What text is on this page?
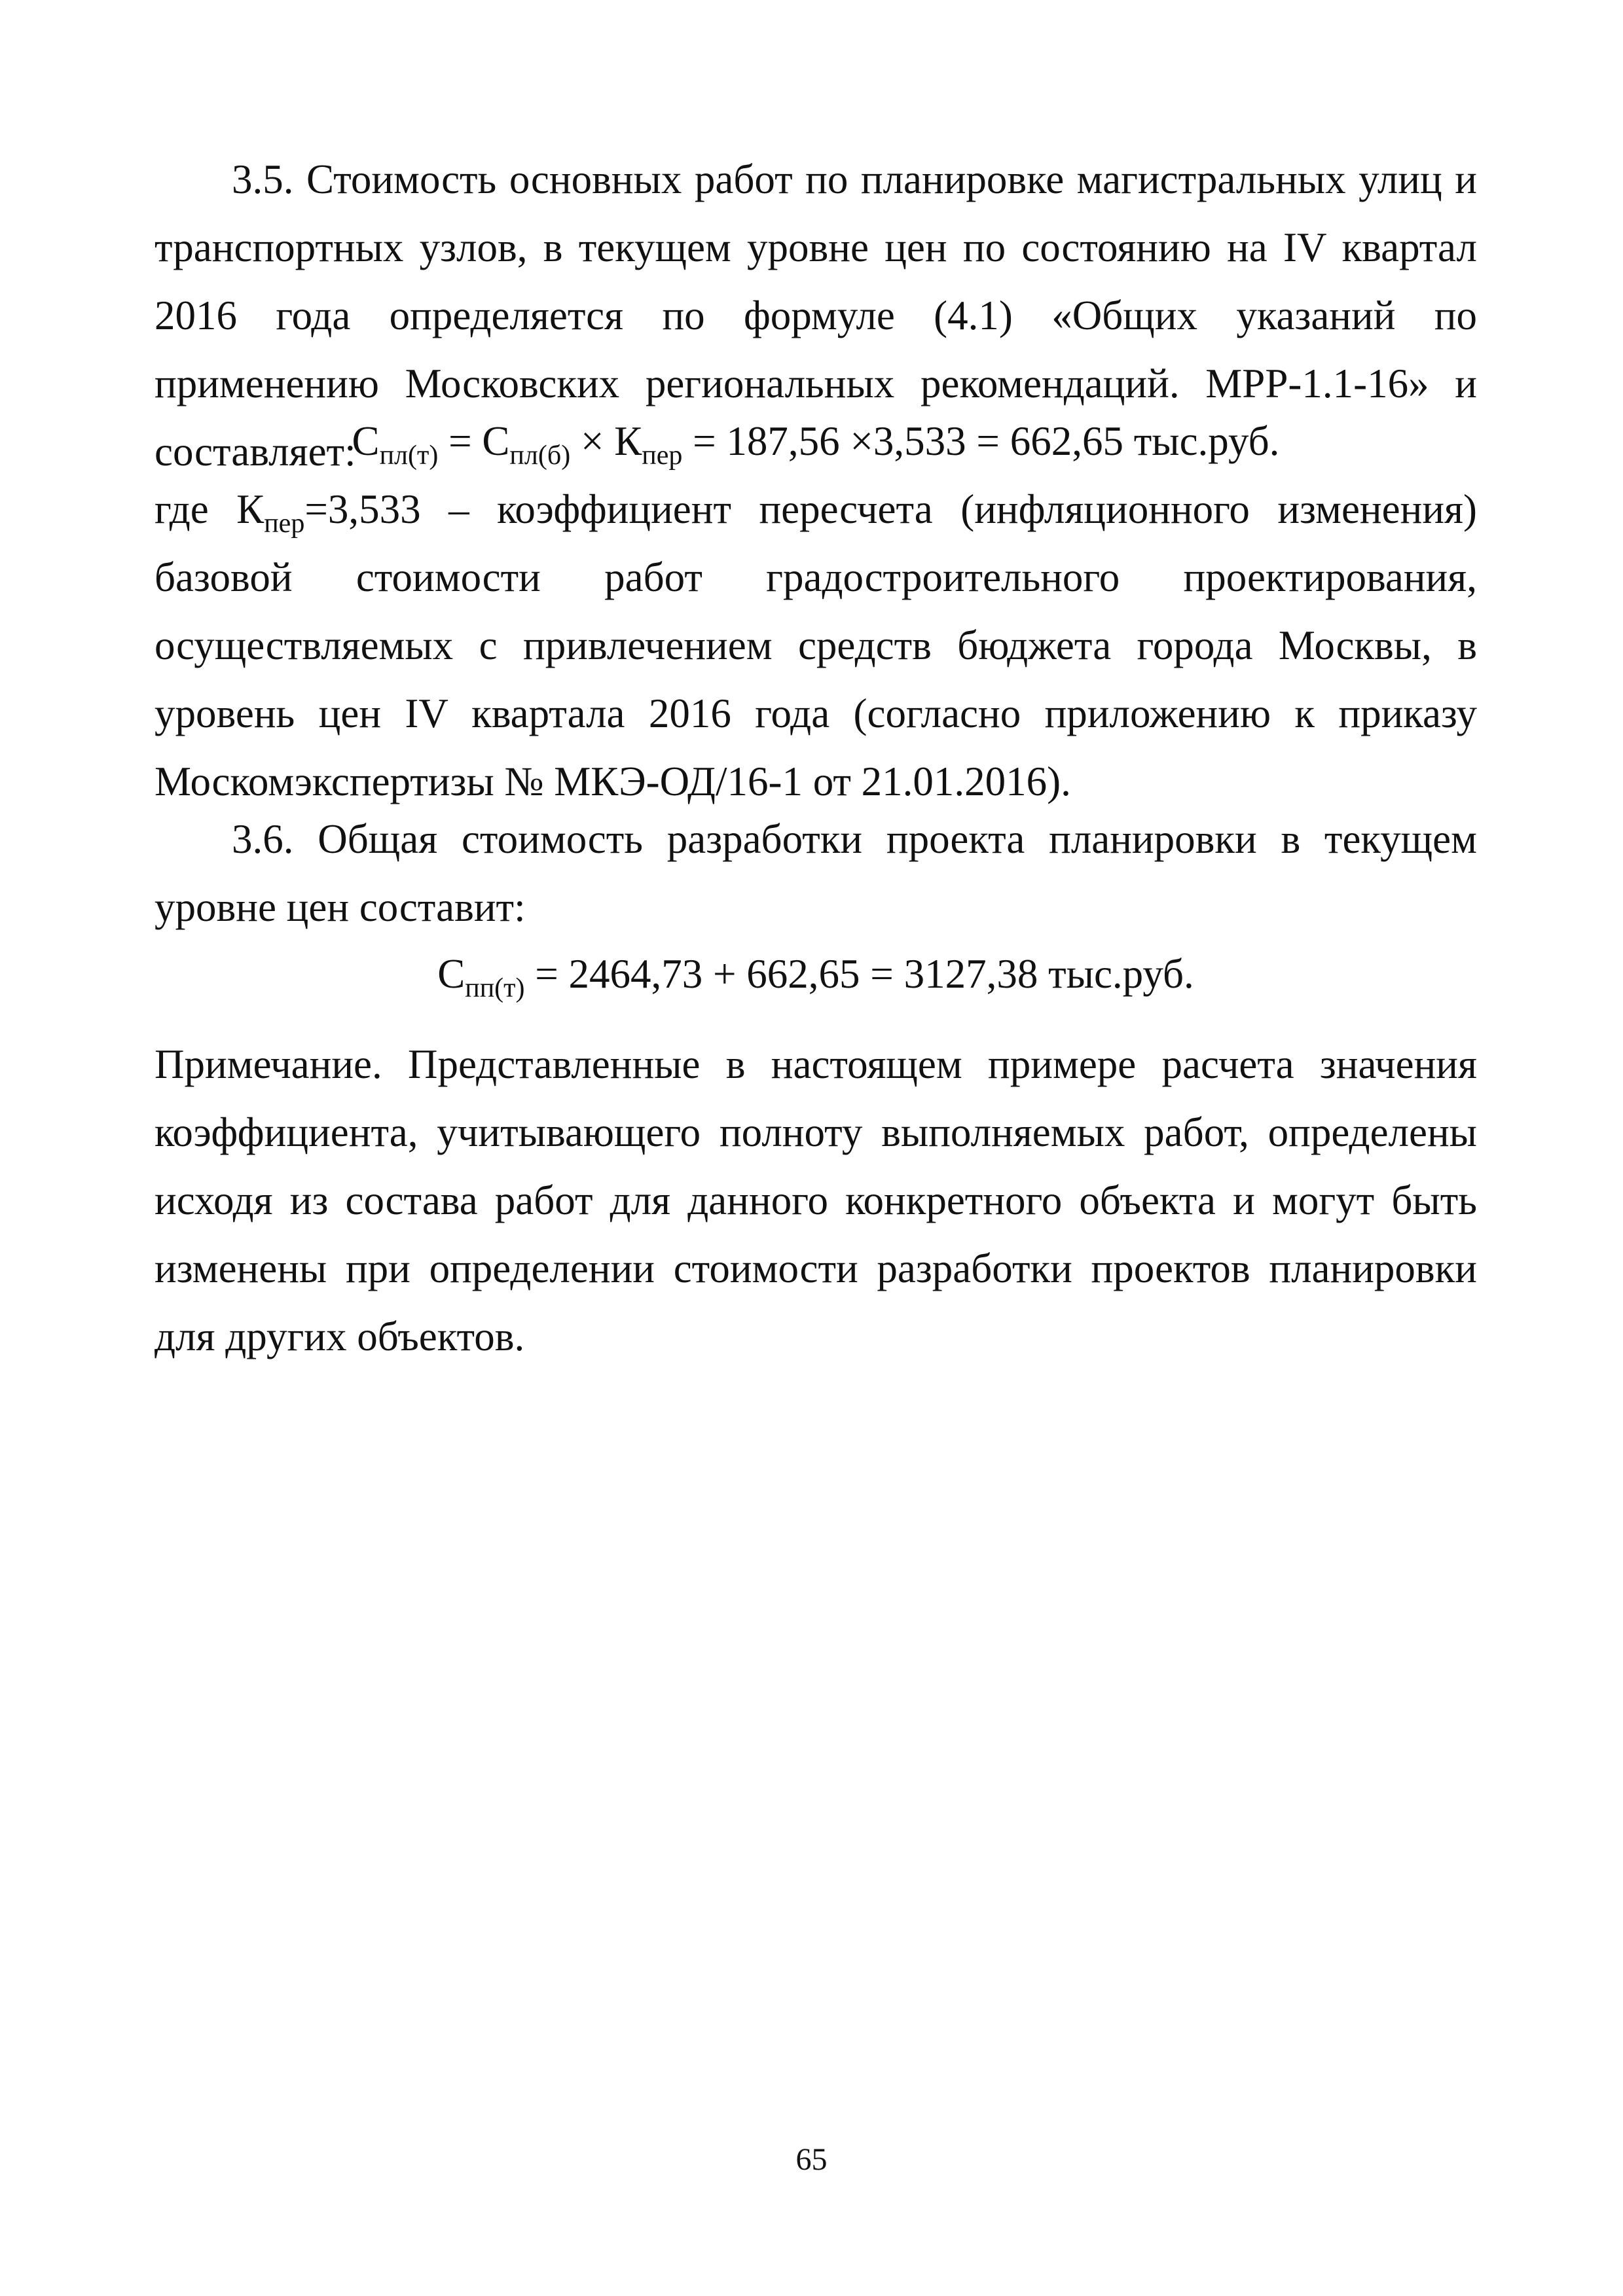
3.5. Стоимость основных работ по планировке магистральных улиц и транспортных узлов, в текущем уровне цен по состоянию на IV квартал 2016 года определяется по формуле (4.1) «Общих указаний по применению Московских региональных рекомендаций. МРР-1.1-16» и составляет:

$С_{пл(т)} = С_{пл(б)} \times К_{пер} = 187,56 \times 3,533 = 662,65$ тыс.руб.

где $К_{пер}=3,533$ – коэффициент пересчета (инфляционного изменения) базовой стоимости работ градостроительного проектирования, осуществляемых с привлечением средств бюджета города Москвы, в уровень цен IV квартала 2016 года (согласно приложению к приказу Москомэкспертизы № МКЭ-ОД/16-1 от 21.01.2016).

3.6. Общая стоимость разработки проекта планировки в текущем уровне цен составит:

$С_{пп(т)} = 2464,73 + 662,65 = 3127,38$ тыс.руб.

Примечание. Представленные в настоящем примере расчета значения коэффициента, учитывающего полноту выполняемых работ, определены исходя из состава работ для данного конкретного объекта и могут быть изменены при определении стоимости разработки проектов планировки для других объектов.

65
